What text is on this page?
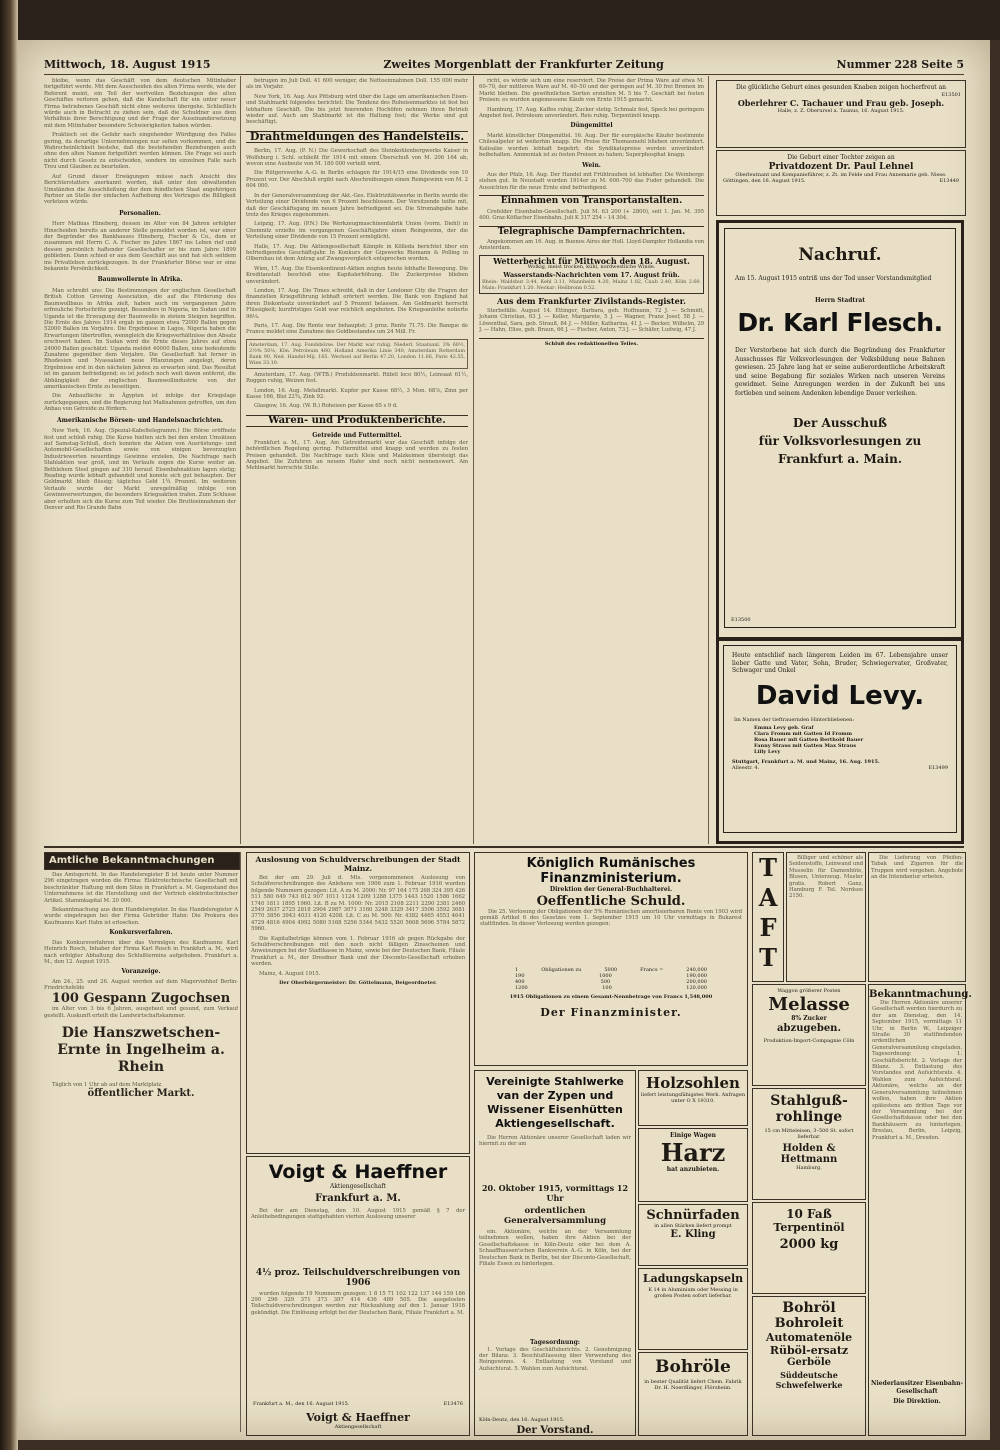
Mittwoch, 18. August 1915	Zweites Morgenblatt der Frankfurter Zeitung	Nummer 228 Seite 5

bleibe, wenn das Geschäft von dem deutschen Mitinhaber fortgeführt werde. Mit dem Ausscheiden des alten Firma werde, wie der Referent meint, ein Teil der wertvollen Beziehungen des alten Geschäftes verloren gehen, daß die Kundschaft für ein unter neuer Firma betriebenes Geschäft nicht ohne weiteres übergehe. Schließlich würde auch in Betracht zu ziehen sein, daß die Schuldner aus dem Verhältnis ihrer Berechtigung und der Frage der Auseinandersetzung mit dem Mitinhaber besondere Schwierigkeiten haben würden.

Praktisch sei die Gefahr nach eingehender Würdigung des Falles gering, da derartige Unternehmungen nur selten vorkommen, und die Wahrscheinlichkeit bestehe, daß die bestehenden Beziehungen auch ohne den alten Namen fortgeführt werden können. Die Frage sei auch nicht durch Gesetz zu entscheiden, sondern im einzelnen Falle nach Treu und Glauben zu beurteilen.

Auf Grund dieser Erwägungen müsse nach Ansicht des Berichterstatters anerkannt werden, daß unter den obwaltenden Umständen die Ausschließung der dem feindlichen Staat angehörigen Partner an Stelle der einfachen Aufhebung des Vertrages die Billigkeit verletzen würde.

Personalien.

Herr Mathias Hineberg, dessen im Alter von 84 Jahren erfolgter Hinscheiden bereits an anderer Stelle gemeldet worden ist, war einer der Begründer des Bankhauses Hineberg, Fischer & Co., dem er zusammen mit Herrn C. A. Fischer im Jahre 1867 ins Leben rief und dessen persönlich haftender Gesellschafter er bis zum Jahre 1899 geblieben. Dann schied er aus dem Geschäft aus und hat sich seitdem ins Privatleben zurückgezogen. In der Frankfurter Börse war er eine bekannte Persönlichkeit.

Baumwollernte in Afrika.

Man schreibt uns: Die Bestimmungen der englischen Gesellschaft British Cotton Growing Association, die auf die Förderung des Baumwollbaus in Afrika zielt, haben auch im vergangenen Jahre erfreuliche Fortschritte gezeigt. Besonders in Nigeria, im Sudan und in Uganda ist die Erzeugung der Baumwolle in stetem Steigen begriffen. Die Ernte des Jahres 1914 ergab im ganzen etwa 72000 Ballen gegen 52000 Ballen im Vorjahre. Die Ergebnisse in Lagos, Nigeria haben die Erwartungen übertroffen, wenngleich die Kriegsverhältnisse den Absatz erschwert haben. Im Sudan wird die Ernte dieses Jahres auf etwa 24000 Ballen geschätzt. Uganda meldet 40000 Ballen, eine bedeutende Zunahme gegenüber dem Vorjahre. Die Gesellschaft hat ferner in Rhodesien und Nyassaland neue Pflanzungen angelegt, deren Ergebnisse erst in den nächsten Jahren zu erwarten sind. Das Resultat ist im ganzen befriedigend; es ist jedoch noch weit davon entfernt, die Abhängigkeit der englischen Baumwollindustrie von der amerikanischen Ernte zu beseitigen.

Die Anbaufläche in Ägypten ist infolge der Kriegslage zurückgegangen, und die Regierung hat Maßnahmen getroffen, um den Anbau von Getreide zu fördern.

Amerikanische Börsen- und Handelsnachrichten.

New York, 16. Aug. (Spezial-Kabeltelegramm.) Die Börse eröffnete fest und schloß ruhig. Die Kurse hielten sich bei den ersten Umsätzen auf Samstag-Schluß, doch konnten die Aktien von Ausrüstungs- und Automobil-Gesellschaften sowie von einigen bevorzugten Industriewerten neuerdings Gewinne erzielen. Die Nachfrage nach Stahlaktien war groß, und im Verlaufe zogen die Kurse weiter an. Bethlehem Steel gingen auf 310 herauf. Eisenbahnaktien lagen stetig; Reading wurde lebhaft gehandelt und konnte sich gut behaupten. Der Geldmarkt blieb flüssig; tägliches Geld 1¾ Prozent. Im weiteren Verlaufe wurde der Markt unregelmäßig infolge von Gewinnverwertungen, die besonders Kriegsaktien trafen. Zum Schlusse aber erholten sich die Kurse zum Teil wieder. Die Bruttoeinnahmen der Denver and Rio Grande Bahn

betrugen im Juli Doll. 41 600 weniger, die Nettoeinnahmen Doll. 155 000 mehr als im Vorjahr.

New York, 16. Aug. Aus Pittsburg wird über die Lage am amerikanischen Eisen- und Stahlmarkt folgendes berichtet: Die Tendenz des Roheisenmarktes ist fest bei lebhaftem Geschäft. Die bis jetzt feierenden Hochöfen nehmen ihren Betrieb wieder auf. Auch am Stahlmarkt ist die Haltung fest; die Werke sind gut beschäftigt.

Drahtmeldungen des Handelsteils.

Berlin, 17. Aug. (P. N.) Die Gewerkschaft des Steinkohlenbergwerks Kaiser in Wolfsburg i. Schl. schließt für 1914 mit einem Überschuß von M. 206 164 ab, wovon eine Ausbeute von M. 180 000 verteilt wird.

Die Rütgerswerke A.-G. in Berlin schlagen für 1914/15 eine Dividende von 10 Prozent vor. Der Abschluß ergibt nach Abschreibungen einen Reingewinn von M. 2 604 000.

In der Generalversammlung der Akt.-Ges. Elektrizitätswerke in Berlin wurde die Verteilung einer Dividende von 6 Prozent beschlossen. Der Vorsitzende teilte mit, daß der Geschäftsgang im neuen Jahre befriedigend sei. Die Stromabgabe habe trotz des Krieges zugenommen.

Leipzig, 17. Aug. (P.N.) Die Werkzeugmaschinenfabrik Union (vorm. Diehl) in Chemnitz erzielte im vergangenen Geschäftsjahre einen Reingewinn, der die Verteilung einer Dividende von 15 Prozent ermöglicht.

Halle, 17. Aug. Die Aktiengesellschaft Kämpfe in Kölleda berichtet über ein befriedigendes Geschäftsjahr. In Konkurs der Gipswerke Riemann & Polling in Olbernhau ist dem Antrag auf Zwangsvergleich entsprochen worden.

Wien, 17. Aug. Die Eisenkontinent-Aktien zeigten heute lebhafte Bewegung. Die Kreditanstalt beschloß eine Kapitalerhöhung. Die Zuckerpreise blieben unverändert.

London, 17. Aug. Die Times schreibt, daß in der Londoner City die Fragen der finanziellen Kriegsführung lebhaft erörtert werden. Die Bank von England hat ihren Diskontsatz unverändert auf 5 Prozent belassen. Am Geldmarkt herrscht Flüssigkeit; kurzfristiges Geld war reichlich angeboten. Die Kriegsanleihe notierte 96⅛.

Paris, 17. Aug. Die Rente war behauptet; 3 proz. Rente 71.75. Die Banque de France meldet eine Zunahme des Goldbestandes um 24 Mill. Fr.

Amsterdam, 17. Aug. Fondsbörse. Der Markt war ruhig. Niederl. Staatsanl. 3% 60½, 2½% 50⅜, Kön. Petroleum 460, Holland Amerika Linie 340, Amsterdam Rotterdam Bank 90, Ned. Handel-Mij. 165. Wechsel auf Berlin 47.20, London 11.66, Paris 42.55, Wien 33.10.

Amsterdam, 17. Aug. (WTB.) Produktenmarkt. Rüböl loco 80½, Leinsaat 61½, Roggen ruhig, Weizen fest.

London, 16. Aug. Metallmarkt. Kupfer per Kasse 68½, 3 Mon. 68⅞, Zinn per Kasse 166, Blei 22¾, Zink 92.

Glasgow, 16. Aug. (W. B.) Roheisen per Kasse 65 s 9 d.

Waren- und Produktenberichte.
Getreide und Futtermittel.

Frankfurt a. M., 17. Aug. Am Getreidemarkt war das Geschäft infolge der behördlichen Regelung gering. Futtermittel sind knapp und werden zu festen Preisen gehandelt. Die Nachfrage nach Kleie und Malzkeimen übersteigt das Angebot. Die Zufuhren an neuem Hafer sind noch nicht nennenswert. Am Mehlmarkt herrschte Stille.

richt, es würde sich um eine reserviert. Die Preise der Prima Ware auf etwa M. 60–70, der mittleren Ware auf M. 40–50 und der geringen auf M. 30 frei Bremen im Markt bleiben. Die gewöhnlichen Sorten erzielten M. 5 bis 7. Geschäft bei festen Preisen: es wurden angemessene Käufe von Ernte 1915 gemacht.

Hamburg, 17. Aug. Kaffee ruhig, Zucker stetig. Schmalz fest, Speck bei geringem Angebot fest. Petroleum unverändert. Reis ruhig. Terpentinöl knapp.

Düngemittel

Markt künstlicher Düngemittel. 16. Aug. Der für europäische Käufer bestimmte Chilesalpeter ist weiterhin knapp. Die Preise für Thomasmehl blieben unverändert. Kalisalze wurden lebhaft begehrt; die Syndikatspreise werden unverändert beibehalten. Ammoniak ist zu festen Preisen zu haben; Superphosphat knapp.

Wein.

Aus der Pfalz, 16. Aug. Der Handel mit Frühtrauben ist lebhafter. Die Weinberge stehen gut. In Neustadt wurden 1914er zu M. 600–700 das Fuder gehandelt. Die Aussichten für die neue Ernte sind befriedigend.

Einnahmen von Transportanstalten.

Crefelder Eisenbahn-Gesellschaft. Juli M. 63 200 (+ 2800), seit 1. Jan. M. 395 400. Graz-Köflacher Eisenbahn. Juli K 317 254 – 14 304.

Telegraphische Dampfernachrichten.

Angekommen am 16. Aug. in Buenos Aires der Holl. Lloyd-Dampfer Hollandia von Amsterdam.

Wetterbericht für Mittwoch den 18. August.
Wolkig, meist trocken, kühl, nordwestliche Winde.
Wasserstands-Nachrichten vom 17. August früh.
Rhein: Waldshut 3.44, Kehl 3.11, Mannheim 4.20, Mainz 1.82, Caub 2.40, Köln 2.60. Main: Frankfurt 1.20. Neckar: Heilbronn 0.52.
Aus dem Frankfurter Zivilstands-Register.

Sterbefälle. August 14. Ettinger, Barbara, geb. Hoffmann, 72 J. — Schmidt, Johann Christian, 63 J. — Keller, Margarete, 5 J. — Wagner, Franz Josef, 58 J. — Löwenthal, Sara, geb. Strauß, 84 J. — Müller, Katharina, 41 J. — Becker, Wilhelm, 29 J. — Hahn, Elise, geb. Braun, 66 J. — Fischer, Anton, 73 J. — Schäfer, Ludwig, 47 J.

Schluß des redaktionellen Teiles.
Die glückliche Geburt eines gesunden Knaben zeigen hocherfreut an
E13501
Oberlehrer C. Tachauer und Frau geb. Joseph.
Halle, z. Z. Oberursel a. Taunus, 16. August 1915.
Die Geburt einer Tochter zeigen an
Privatdozent Dr. Paul Lehnel
Oberleutnant und Kompanieführer, z. Zt. im Felde und Frau Annemarie geb. Niese.
Göttingen, den 16. August 1915.	E13449
Nachruf.
Am 15. August 1915 entriß uns der Tod unser Vorstandsmitglied
Herrn Stadtrat
Dr. Karl Flesch.
Der Verstorbene hat sich durch die Begründung des Frankfurter Ausschusses für Volksvorlesungen der Volksbildung neue Bahnen gewiesen. 25 Jahre lang hat er seine außerordentliche Arbeitskraft und seine Begabung für soziales Wirken nach unseren Vereins gewidmet. Seine Anregungen werden in der Zukunft bei uns fortleben und seinem Andenken lebendige Dauer verleihen.
Der Ausschuß
für Volksvorlesungen zu
Frankfurt a. Main.
E13500
Heute entschlief nach längerem Leiden im 67. Lebensjahre unser lieber Gatte und Vater, Sohn, Bruder, Schwiegervater, Großvater, Schwager und Onkel
David Levy.
Im Namen der tieftrauernden Hinterbliebenen:
Emma Levy geb. Graf
Clara Fromm mit Gatten Id Fromm
Rosa Bauer mit Gatten Berthold Bauer
Fanny Straus mit Gatten Max Straus
Lilly Levy
Stuttgart, Frankfurt a. M. und Mainz, 16. Aug. 1915.
Alleestr. 4.	E13499
Amtliche Bekanntmachungen

Das Amtsgericht. In das Handelsregister B ist heute unter Nummer 296 eingetragen worden die Firma: Elektrotechnische Gesellschaft mit beschränkter Haftung mit dem Sitze in Frankfurt a. M. Gegenstand des Unternehmens ist die Herstellung und der Vertrieb elektrotechnischer Artikel. Stammkapital M. 20 000.

Bekanntmachung aus dem Handelsregister. In das Handelsregister A wurde eingetragen bei der Firma Gebrüder Hahn: Die Prokura des Kaufmanns Karl Hahn ist erloschen.

Konkursverfahren.

Das Konkursverfahren über das Vermögen des Kaufmanns Karl Heinrich Rosch, Inhaber der Firma Karl Rosch in Frankfurt a. M., wird nach erfolgter Abhaltung des Schlußtermins aufgehoben. Frankfurt a. M., den 12. August 1915.

Voranzeige.

Am 24., 25. und 26. August werden auf dem Magerviehhof Berlin-Friedrichsfelde

100 Gespann Zugochsen

im Alter von 3 bis 6 Jahren, ausgebaut und gesund, zum Verkauf gestellt. Auskunft erteilt die Landwirtschaftskammer.

Die Hanszwetschen-Ernte in Ingelheim a. Rhein

Täglich von 1 Uhr ab auf dem Marktplatz.

öffentlicher Markt.
Auslosung von Schuldverschreibungen der Stadt Mainz.

Bei der am 29. Juli d. Mts. vorgenommenen Auslosung von Schuldverschreibungen des Anlehens von 1906 zum 1. Februar 1916 wurden folgende Nummern gezogen: Lit. A zu M. 2000: Nr. 97 164 175 268 324 395 426 511 580 649 743 812 907 1011 1124 1209 1288 1375 1443 1520 1586 1662 1740 1811 1895 1960. Lit. B zu M. 1000: Nr. 2015 2108 2211 2290 2381 2460 2549 2637 2725 2818 2904 2987 3071 3160 3248 3329 3417 3506 3592 3681 3770 3856 3943 4031 4120 4208. Lit. C zu M. 500: Nr. 4382 4465 4553 4641 4729 4816 4904 4992 5080 5168 5256 5344 5432 5520 5608 5696 5784 5872 5960.

Die Kapitalbeträge können vom 1. Februar 1916 ab gegen Rückgabe der Schuldverschreibungen mit den noch nicht fälligen Zinsscheinen und Anweisungen bei der Stadtkasse in Mainz, sowie bei der Deutschen Bank, Filiale Frankfurt a. M., der Dresdner Bank und der Disconto-Gesellschaft erhoben werden.

Mainz, 4. August 1915.

Der Oberbürgermeister: Dr. Göttelmann, Beigeordneter.
Voigt & Haeffner
Aktiengesellschaft
Frankfurt a. M.

Bei der am Dienstag, den 10. August 1915 gemäß § 7 der Anleihebedingungen stattgehabten vierten Auslosung unserer

4½ proz. Teilschuldverschreibungen von 1906

wurden folgende 19 Nummern gezogen: 1 8 15 71 102 122 137 144 159 186 290 296 329 371 373 397 414 436 489 505. Die ausgelosten Teilschuldverschreibungen werden zur Rückzahlung auf den 1. Januar 1916 gekündigt. Die Einlösung erfolgt bei der Deutschen Bank, Filiale Frankfurt a. M.

Frankfurt a. M., den 16. August 1915.	E13476
Voigt & Haeffner
Aktiengesellschaft
Königlich Rumänisches Finanzministerium.
Direktion der General-Buchhalterei.
Oeffentliche Schuld.

Die 25. Verlosung der Obligationen der 5% Rumänischen amortisierbaren Rente von 1903 wird gemäß Artikel 6 des Gesetzes vom 1. September 1915 um 10 Uhr vormittags in Bukarest stattfinden. In dieser Verlosung werden gezogen:

1	Obligationen zu	5000	Francs =	240,000
190	1000	190,000
400	500	200,000
1200	100	120,000
1915 Obligationen zu einem Gesamt-Nennbetrage von Francs 1,548,000
Der Finanzminister.
TAFT

Billiger und schöner als Seidenstoffe, Leinwand und Musselin für Damenhüte, Blusen, Unterzeug. Muster gratis. Robert Ganz, Hamburg F. Tel. Nordsee 2150.

Die Lieferung von Pfeifen-Tabak und Zigarren für die Truppen wird vergeben. Angebote an die Intendantur erbeten.

Waggon größerer Posten
Melasse
8% Zucker
abzugeben.
Produktion-Import-Compagnie Cöln
Stahlguß-rohlinge
15 cm Mitteleisen, 3–500 St. sofort lieferbar.
Holden & Hettmann
Hamburg.
10 Faß
Terpentinöl
2000 kg
Bohröl
Bohroleit
Automatenöle
Rüböl-ersatz
Gerböle
Süddeutsche Schwefelwerke
Bekanntmachung.

Die Herren Aktionäre unserer Gesellschaft werden hierdurch zu der am Dienstag, den 14. September 1915, vormittags 11 Uhr, in Berlin W., Leipziger Straße 30 stattfindenden ordentlichen Generalversammlung eingeladen. Tagesordnung: 1. Geschäftsbericht. 2. Vorlage der Bilanz. 3. Entlastung des Vorstandes und Aufsichtsrats. 4. Wahlen zum Aufsichtsrat. Aktionäre, welche an der Generalversammlung teilnehmen wollen, haben ihre Aktien spätestens am dritten Tage vor der Versammlung bei der Gesellschaftskasse oder bei den Bankhäusern zu hinterlegen. Breslau, Berlin, Leipzig, Frankfurt a. M., Dresden.

Niederlausitzer Eisenbahn-Gesellschaft
Die Direktion.
Vereinigte Stahlwerke van der Zypen und Wissener Eisenhütten Aktiengesellschaft.

Die Herren Aktionäre unserer Gesellschaft laden wir hiermit zu der am

20. Oktober 1915, vormittags 12 Uhr
ordentlichen Generalversammlung

ein. Aktionäre, welche an der Versammlung teilnehmen wollen, haben ihre Aktien bei der Gesellschaftskasse in Köln-Deutz oder bei dem A. Schaaffhausen'schen Bankverein A.-G. in Köln, bei der Deutschen Bank in Berlin, bei der Disconto-Gesellschaft, Filiale Essen zu hinterlegen.

Tagesordnung:

1. Vorlage des Geschäftsberichts. 2. Genehmigung der Bilanz. 3. Beschlußfassung über Verwendung des Reingewinns. 4. Entlastung von Vorstand und Aufsichtsrat. 5. Wahlen zum Aufsichtsrat.

Köln-Deutz, den 16. August 1915.
Der Vorstand.
Holzsohlen
liefert leistungsfähigstes Werk. Anfragen unter O X 19310.
Einige Wagen
Harz
hat anzubieten.
Schnürfaden
in allen Stärken liefert prompt
E. Kling
Ladungskapseln
K 14 in Aluminium oder Messing in großen Posten sofort lieferbar.
Bohröle
in bester Qualität liefert Chem. Fabrik Dr. H. Noerdlinger, Flörsheim.
